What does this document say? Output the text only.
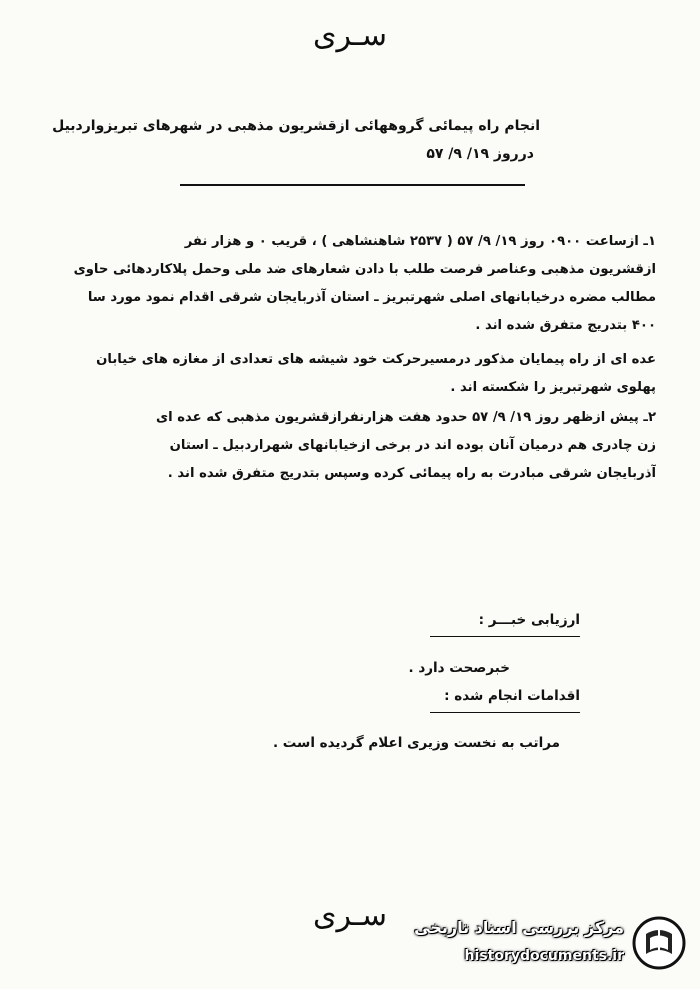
سـرى
انجام راه پیمائی گروههائی ازقشریون مذهبی در شهرهای تبریزواردبیل
درروز ۱۹/ ۹/ ۵۷
۱ـ ازساعت ۰۹۰۰ روز ۱۹/ ۹/ ۵۷ ( ۲۵۳۷ شاهنشاهی ) ، قریب ۰ و هزار نفر
ازقشریون مذهبی وعناصر فرصت طلب با دادن شعارهای ضد ملی وحمل پلاکاردهائی حاوی
مطالب مضره درخیابانهای اصلی شهرتبریز ـ استان آذربایجان شرقی اقدام نمود مورد سا
۴۰۰ بتدریج متفرق شده اند .
عده ای از راه پیمایان مذکور درمسیرحرکت خود شیشه های تعدادی از مغازه های خیابان
پهلوی شهرتبریز را شکسته اند .
۲ـ پیش ازظهر روز ۱۹/ ۹/ ۵۷ حدود هفت هزارنفرازقشریون مذهبی که عده ای
زن چادری هم درمیان آنان بوده اند در برخی ازخیابانهای شهراردبیل ـ استان
آذربایجان شرقی مبادرت به راه پیمائی کرده وسپس بتدریج متفرق شده اند .
ارزیابی خبـــر :
خبرصحت دارد .
اقدامات انجام شده :
مراتب به نخست وزیری اعلام گردیده است .
سـرى	مرکز بررسی اسناد تاریخی
historydocuments.ir
